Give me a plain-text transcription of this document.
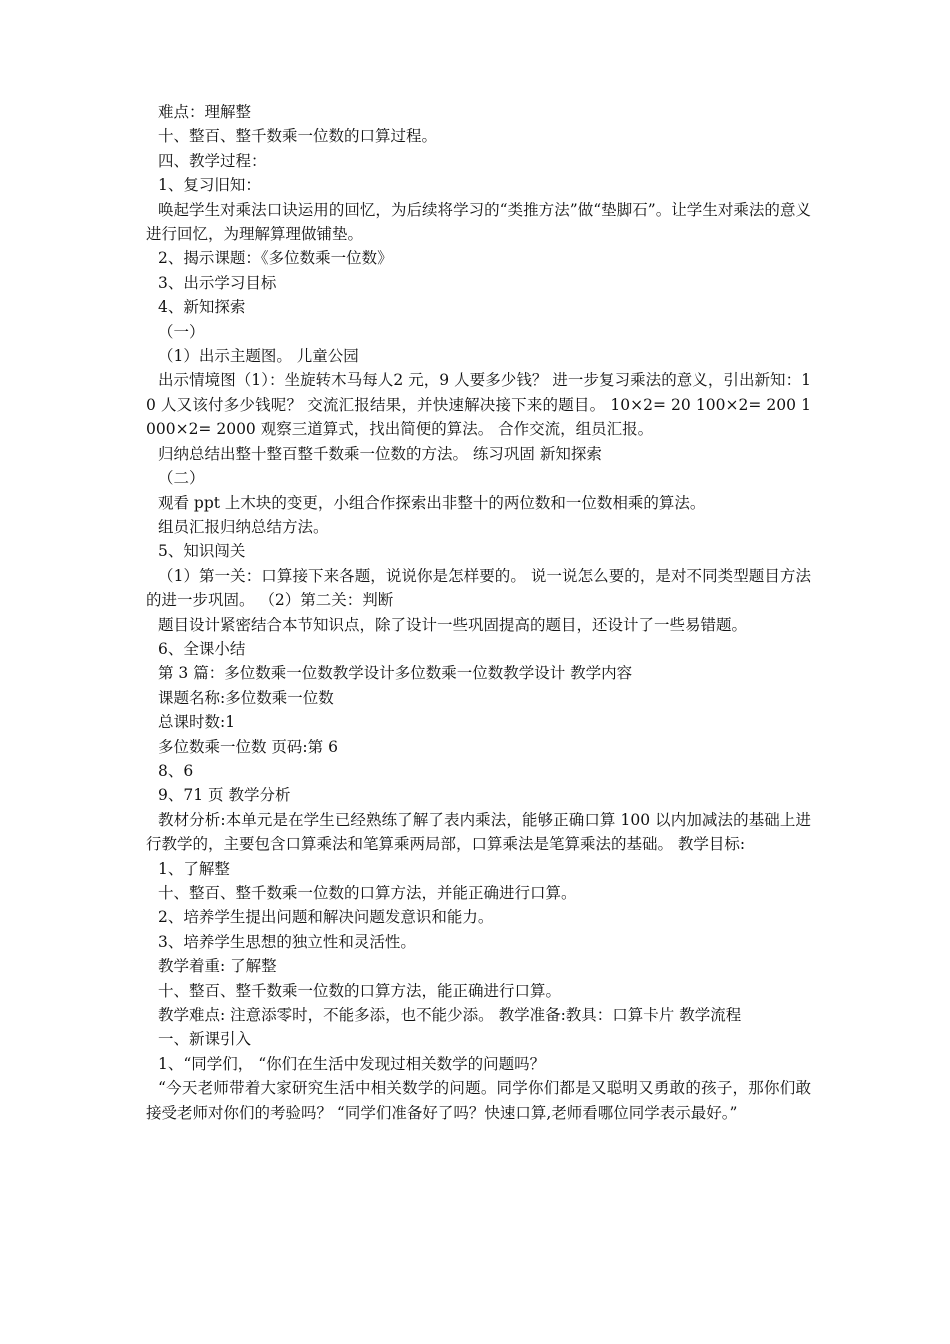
难点：理解整

十、整百、整千数乘一位数的口算过程。

四、教学过程：

1、复习旧知：

唤起学生对乘法口诀运用的回忆，为后续将学习的“类推方法”做“垫脚石”。让学生对乘法的意义进行回忆，为理解算理做铺垫。

2、揭示课题：《多位数乘一位数》

3、出示学习目标

4、新知探索

（一）

（1）出示主题图。 儿童公园

出示情境图（1）：坐旋转木马每人2 元，9 人要多少钱？ 进一步复习乘法的意义，引出新知：10 人又该付多少钱呢？ 交流汇报结果，并快速解决接下来的题目。 10×2= 20 100×2= 200 1000×2= 2000 观察三道算式，找出简便的算法。 合作交流，组员汇报。

归纳总结出整十整百整千数乘一位数的方法。 练习巩固 新知探索

（二）

观看 ppt 上木块的变更，小组合作探索出非整十的两位数和一位数相乘的算法。

组员汇报归纳总结方法。

5、知识闯关

（1）第一关：口算接下来各题，说说你是怎样要的。 说一说怎么要的，是对不同类型题目方法的进一步巩固。 （2）第二关：判断

题目设计紧密结合本节知识点，除了设计一些巩固提高的题目，还设计了一些易错题。

6、全课小结

第 3 篇：多位数乘一位数教学设计多位数乘一位数教学设计 教学内容

课题名称:多位数乘一位数

总课时数:1

多位数乘一位数 页码:第 6

8、6

9、71 页 教学分析

教材分析:本单元是在学生已经熟练了解了表内乘法，能够正确口算 100 以内加减法的基础上进行教学的，主要包含口算乘法和笔算乘两局部，口算乘法是笔算乘法的基础。 教学目标:

1、了解整

十、整百、整千数乘一位数的口算方法，并能正确进行口算。

2、培养学生提出问题和解决问题发意识和能力。

3、培养学生思想的独立性和灵活性。

教学着重: 了解整

十、整百、整千数乘一位数的口算方法，能正确进行口算。

教学难点: 注意添零时，不能多添，也不能少添。 教学准备:教具：口算卡片 教学流程

一、新课引入

1、“同学们， “你们在生活中发现过相关数学的问题吗？

“今天老师带着大家研究生活中相关数学的问题。同学你们都是又聪明又勇敢的孩子，那你们敢接受老师对你们的考验吗？ “同学们准备好了吗？快速口算,老师看哪位同学表示最好。”
